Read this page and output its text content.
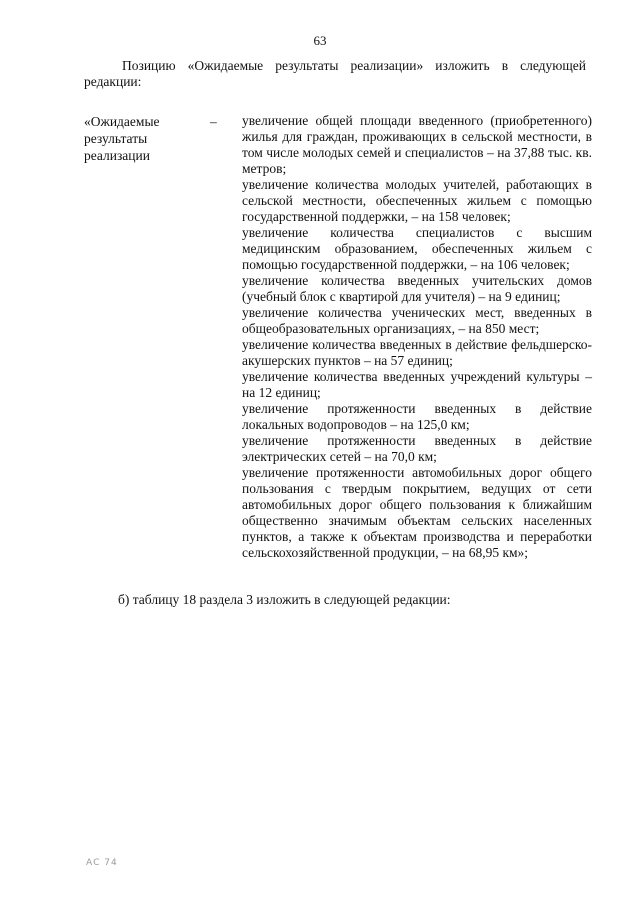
63

Позицию «Ожидаемые результаты реализации» изложить в следующей редакции:

«Ожидаемые результаты реализации
– увеличение общей площади введенного (приобретенного) жилья для граждан, проживающих в сельской местности, в том числе молодых семей и специалистов – на 37,88 тыс. кв. метров;

увеличение количества молодых учителей, работающих в сельской местности, обеспеченных жильем с помощью государственной поддержки, – на 158 человек;

увеличение количества специалистов с высшим медицинским образованием, обеспеченных жильем с помощью государственной поддержки, – на 106 человек;

увеличение количества введенных учительских домов (учебный блок с квартирой для учителя) – на 9 единиц;

увеличение количества ученических мест, введенных в общеобразовательных организациях, – на 850 мест;

увеличение количества введенных в действие фельдшерско-акушерских пунктов – на 57 единиц;

увеличение количества введенных учреждений культуры – на 12 единиц;

увеличение протяженности введенных в действие локальных водопроводов – на 125,0 км;

увеличение протяженности введенных в действие электрических сетей – на 70,0 км;

увеличение протяженности автомобильных дорог общего пользования с твердым покрытием, ведущих от сети автомобильных дорог общего пользования к ближайшим общественно значимым объектам сельских населенных пунктов, а также к объектам производства и переработки сельскохозяйственной продукции, – на 68,95 км»;

б) таблицу 18 раздела 3 изложить в следующей редакции:

АС 74
